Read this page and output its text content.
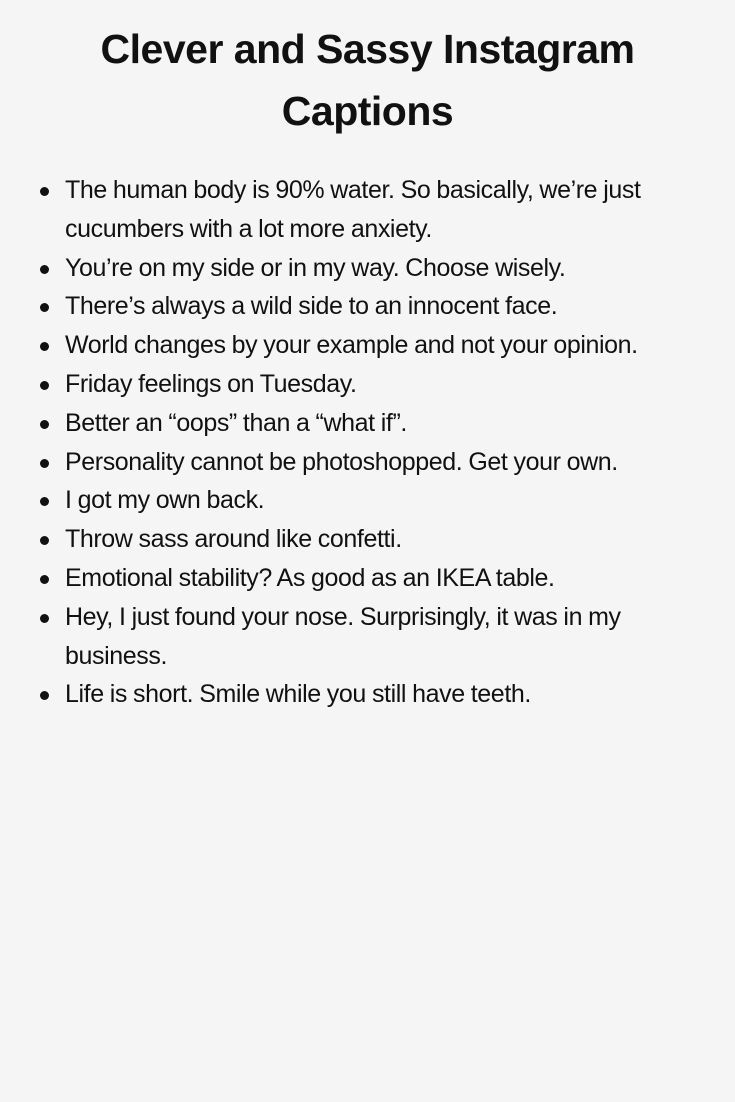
Clever and Sassy Instagram Captions
The human body is 90% water. So basically, we’re just cucumbers with a lot more anxiety.
You’re on my side or in my way. Choose wisely.
There’s always a wild side to an innocent face.
World changes by your example and not your opinion.
Friday feelings on Tuesday.
Better an “oops” than a “what if”.
Personality cannot be photoshopped. Get your own.
I got my own back.
Throw sass around like confetti.
Emotional stability? As good as an IKEA table.
Hey, I just found your nose. Surprisingly, it was in my business.
Life is short. Smile while you still have teeth.
